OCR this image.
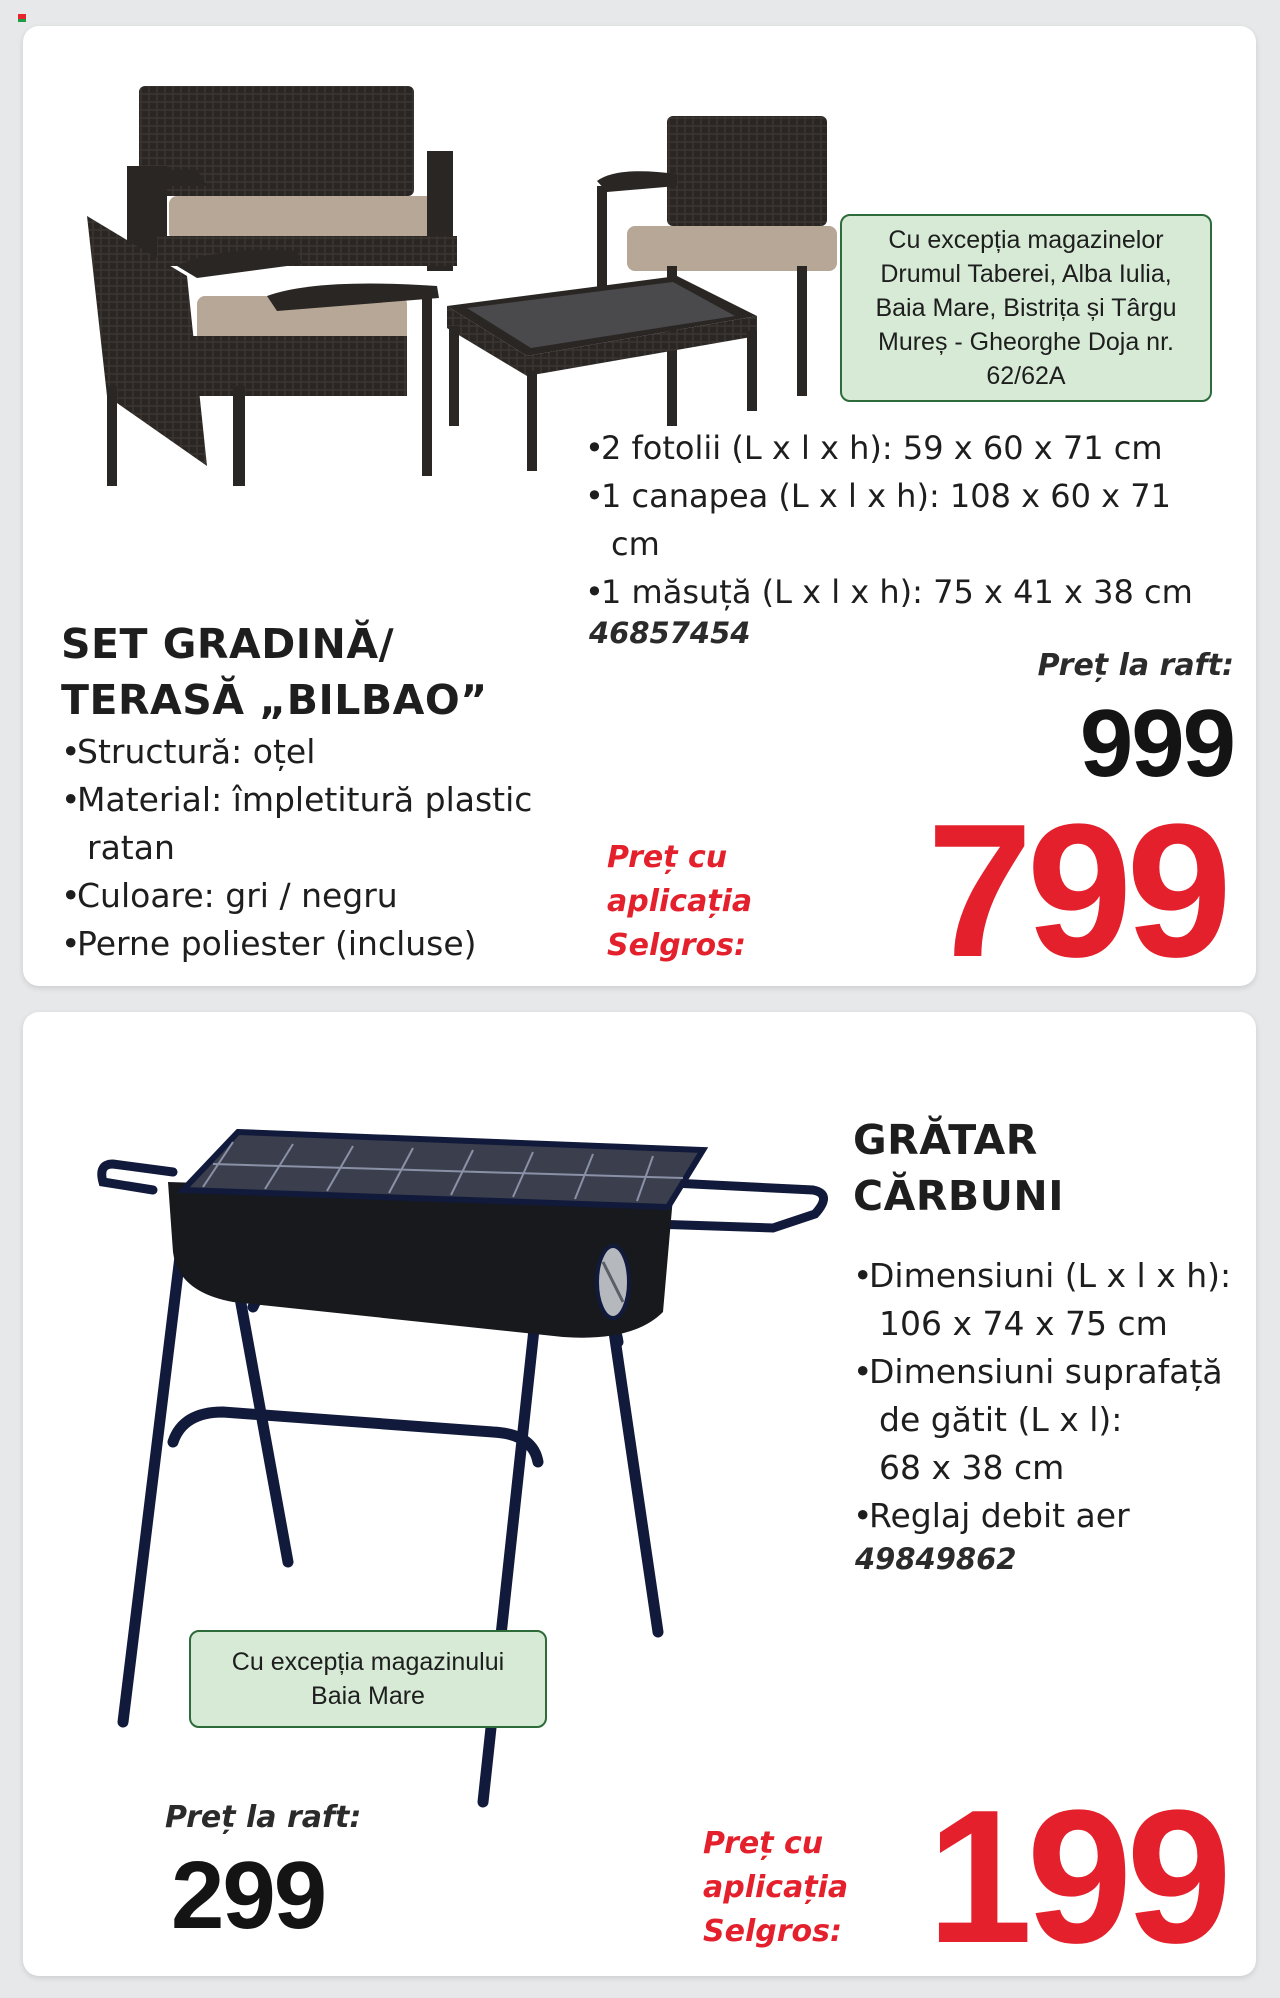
Cu excepția magazinelor
Drumul Taberei, Alba Iulia,
Baia Mare, Bistrița și Târgu
Mureș - Gheorghe Doja nr.
62/62A
• 2 fotolii (L x l x h): 59 x 60 x 71 cm
• 1 canapea (L x l x h): 108 x 60 x 71
cm
• 1 măsuță (L x l x h): 75 x 41 x 38 cm
46857454
SET GRADINĂ/
TERASĂ „BILBAO”
• Structură: oțel
• Material: împletitură plastic
ratan
• Culoare: gri / negru
• Perne poliester (incluse)
Preț la raft:
999
Preț cu
aplicația
Selgros: 799
GRĂTAR
CĂRBUNI
• Dimensiuni (L x l x h):
106 x 74 x 75 cm
• Dimensiuni suprafață
de gătit (L x l):
68 x 38 cm
• Reglaj debit aer
49849862
Cu excepția magazinului
Baia Mare
Preț la raft:
299	Preț cu
aplicația
Selgros: 199
